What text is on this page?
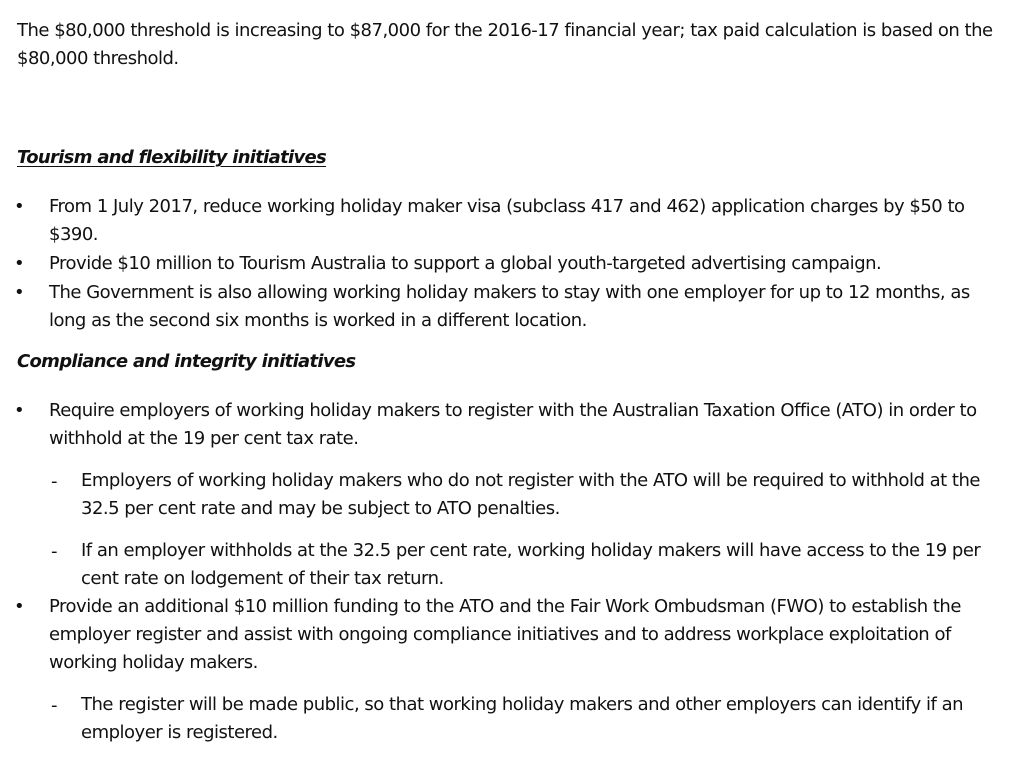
The $80,000 threshold is increasing to $87,000 for the 2016-17 financial year; tax paid calculation is based on the $80,000 threshold.

Tourism and flexibility initiatives

• From 1 July 2017, reduce working holiday maker visa (subclass 417 and 462) application charges by $50 to $390.

• Provide $10 million to Tourism Australia to support a global youth-targeted advertising campaign.

• The Government is also allowing working holiday makers to stay with one employer for up to 12 months, as long as the second six months is worked in a different location.

Compliance and integrity initiatives

• Require employers of working holiday makers to register with the Australian Taxation Office (ATO) in order to withhold at the 19 per cent tax rate.

- Employers of working holiday makers who do not register with the ATO will be required to withhold at the 32.5 per cent rate and may be subject to ATO penalties.

- If an employer withholds at the 32.5 per cent rate, working holiday makers will have access to the 19 per cent rate on lodgement of their tax return.

• Provide an additional $10 million funding to the ATO and the Fair Work Ombudsman (FWO) to establish the employer register and assist with ongoing compliance initiatives and to address workplace exploitation of working holiday makers.

- The register will be made public, so that working holiday makers and other employers can identify if an employer is registered.
